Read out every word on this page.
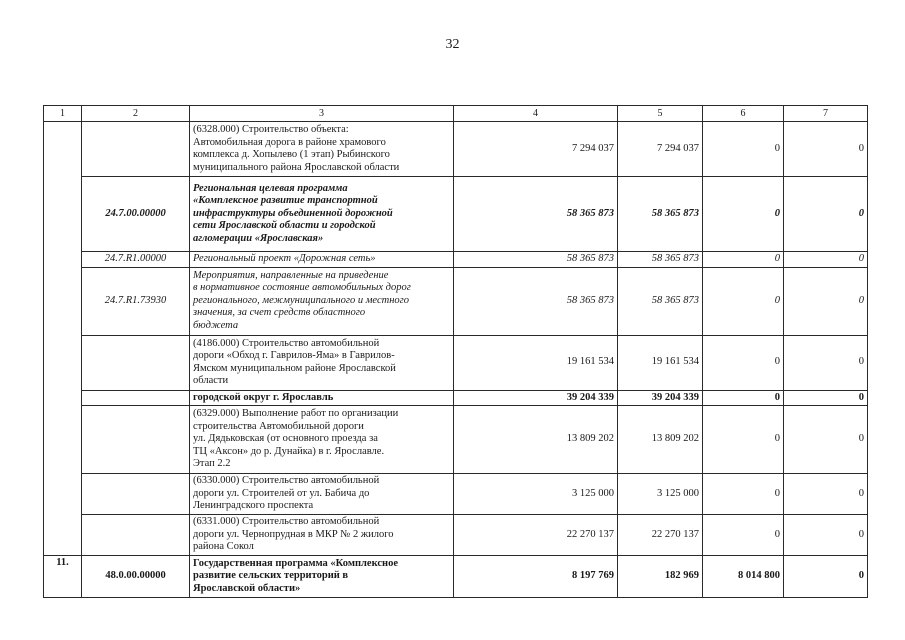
32
1	2	3	4	5	6	7

		(6328.000) Строительство объекта:
Автомобильная дорога в районе храмового
комплекса д. Хопылево (1 этап) Рыбинского
муниципального района Ярославской области	7 294 037	7 294 037	0	0
	24.7.00.00000	Региональная целевая программа
«Комплексное развитие транспортной
инфраструктуры объединенной дорожной
сети Ярославской области и городской
агломерации «Ярославская»	58 365 873	58 365 873	0	0
	24.7.R1.00000	Региональный проект «Дорожная сеть»	58 365 873	58 365 873	0	0
	24.7.R1.73930	Мероприятия, направленные на приведение
в нормативное состояние автомобильных дорог
регионального, межмуниципального и местного
значения, за счет средств областного
бюджета	58 365 873	58 365 873	0	0

		(4186.000) Строительство автомобильной
дороги «Обход г. Гаврилов-Яма» в Гаврилов-
Ямском муниципальном районе Ярославской
области	19 161 534	19 161 534	0	0

		городской округ г. Ярославль	39 204 339	39 204 339	0	0

		(6329.000) Выполнение работ по организации
строительства Автомобильной дороги
ул. Дядьковская (от основного проезда за
ТЦ «Аксон» до р. Дунайка) в г. Ярославле.
Этап 2.2	13 809 202	13 809 202	0	0

		(6330.000) Строительство автомобильной
дороги ул. Строителей от ул. Бабича до
Ленинградского проспекта	3 125 000	3 125 000	0	0

		(6331.000) Строительство автомобильной
дороги ул. Чернопрудная в МКР № 2 жилого
района Сокол	22 270 137	22 270 137	0	0
11.	48.0.00.00000	Государственная программа «Комплексное
развитие сельских территорий в
Ярославской области»	8 197 769	182 969	8 014 800	0
